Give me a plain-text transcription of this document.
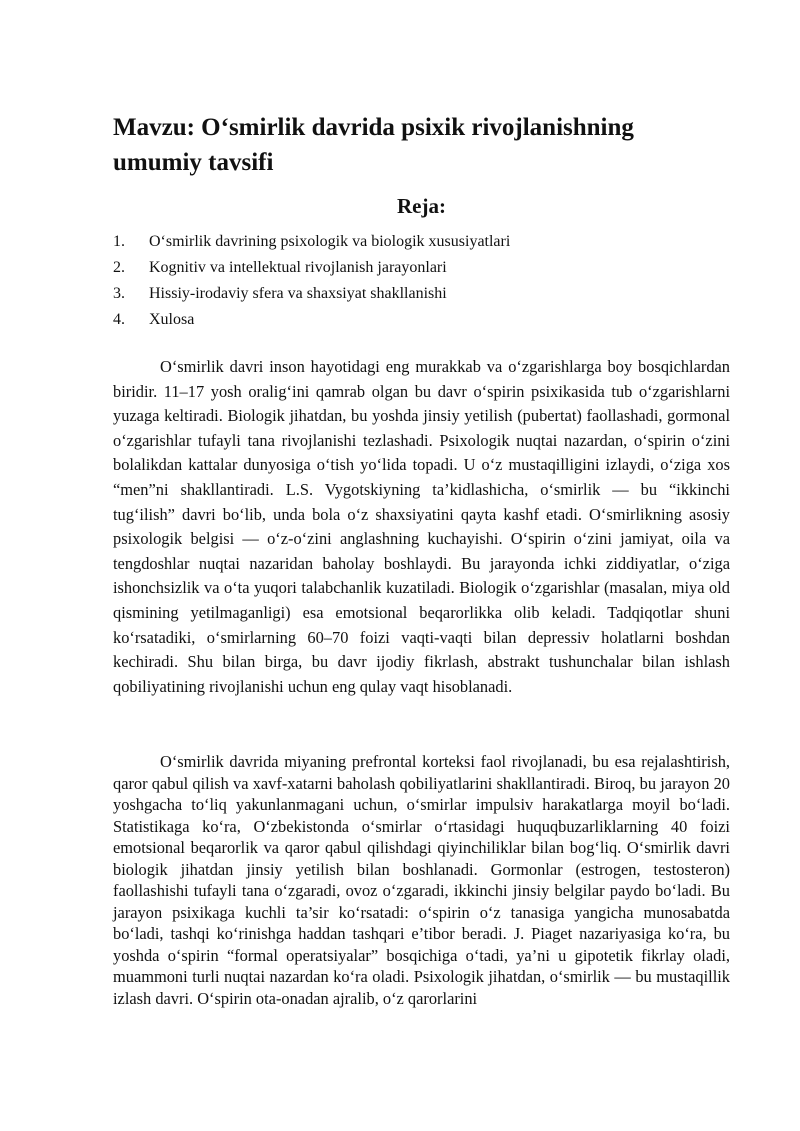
Mavzu: O‘smirlik davrida psixik rivojlanishning umumiy tavsifi
Reja:
1.	O‘smirlik davrining psixologik va biologik xususiyatlari
2.	Kognitiv va intellektual rivojlanish jarayonlari
3.	Hissiy-irodaviy sfera va shaxsiyat shakllanishi
4.	Xulosa

O‘smirlik davri inson hayotidagi eng murakkab va o‘zgarishlarga boy bosqichlardan biridir. 11–17 yosh oralig‘ini qamrab olgan bu davr o‘spirin psixikasida tub o‘zgarishlarni yuzaga keltiradi. Biologik jihatdan, bu yoshda jinsiy yetilish (pubertat) faollashadi, gormonal o‘zgarishlar tufayli tana rivojlanishi tezlashadi. Psixologik nuqtai nazardan, o‘spirin o‘zini bolalikdan kattalar dunyosiga o‘tish yo‘lida topadi. U o‘z mustaqilligini izlaydi, o‘ziga xos “men”ni shakllantiradi. L.S. Vygotskiyning ta’kidlashicha, o‘smirlik — bu “ikkinchi tug‘ilish” davri bo‘lib, unda bola o‘z shaxsiyatini qayta kashf etadi. O‘smirlikning asosiy psixologik belgisi — o‘z-o‘zini anglashning kuchayishi. O‘spirin o‘zini jamiyat, oila va tengdoshlar nuqtai nazaridan baholay boshlaydi. Bu jarayonda ichki ziddiyatlar, o‘ziga ishonchsizlik va o‘ta yuqori talabchanlik kuzatiladi. Biologik o‘zgarishlar (masalan, miya old qismining yetilmaganligi) esa emotsional beqarorlikka olib keladi. Tadqiqotlar shuni ko‘rsatadiki, o‘smirlarning 60–70 foizi vaqti-vaqti bilan depressiv holatlarni boshdan kechiradi. Shu bilan birga, bu davr ijodiy fikrlash, abstrakt tushunchalar bilan ishlash qobiliyatining rivojlanishi uchun eng qulay vaqt hisoblanadi.

O‘smirlik davrida miyaning prefrontal korteksi faol rivojlanadi, bu esa rejalashtirish, qaror qabul qilish va xavf-xatarni baholash qobiliyatlarini shakllantiradi. Biroq, bu jarayon 20 yoshgacha to‘liq yakunlanmagani uchun, o‘smirlar impulsiv harakatlarga moyil bo‘ladi. Statistikaga ko‘ra, O‘zbekistonda o‘smirlar o‘rtasidagi huquqbuzarliklarning 40 foizi emotsional beqarorlik va qaror qabul qilishdagi qiyinchiliklar bilan bog‘liq. O‘smirlik davri biologik jihatdan jinsiy yetilish bilan boshlanadi. Gormonlar (estrogen, testosteron) faollashishi tufayli tana o‘zgaradi, ovoz o‘zgaradi, ikkinchi jinsiy belgilar paydo bo‘ladi. Bu jarayon psixikaga kuchli ta’sir ko‘rsatadi: o‘spirin o‘z tanasiga yangicha munosabatda bo‘ladi, tashqi ko‘rinishga haddan tashqari e’tibor beradi. J. Piaget nazariyasiga ko‘ra, bu yoshda o‘spirin “formal operatsiyalar” bosqichiga o‘tadi, ya’ni u gipotetik fikrlay oladi, muammoni turli nuqtai nazardan ko‘ra oladi. Psixologik jihatdan, o‘smirlik — bu mustaqillik izlash davri. O‘spirin ota-onadan ajralib, o‘z qarorlarini
